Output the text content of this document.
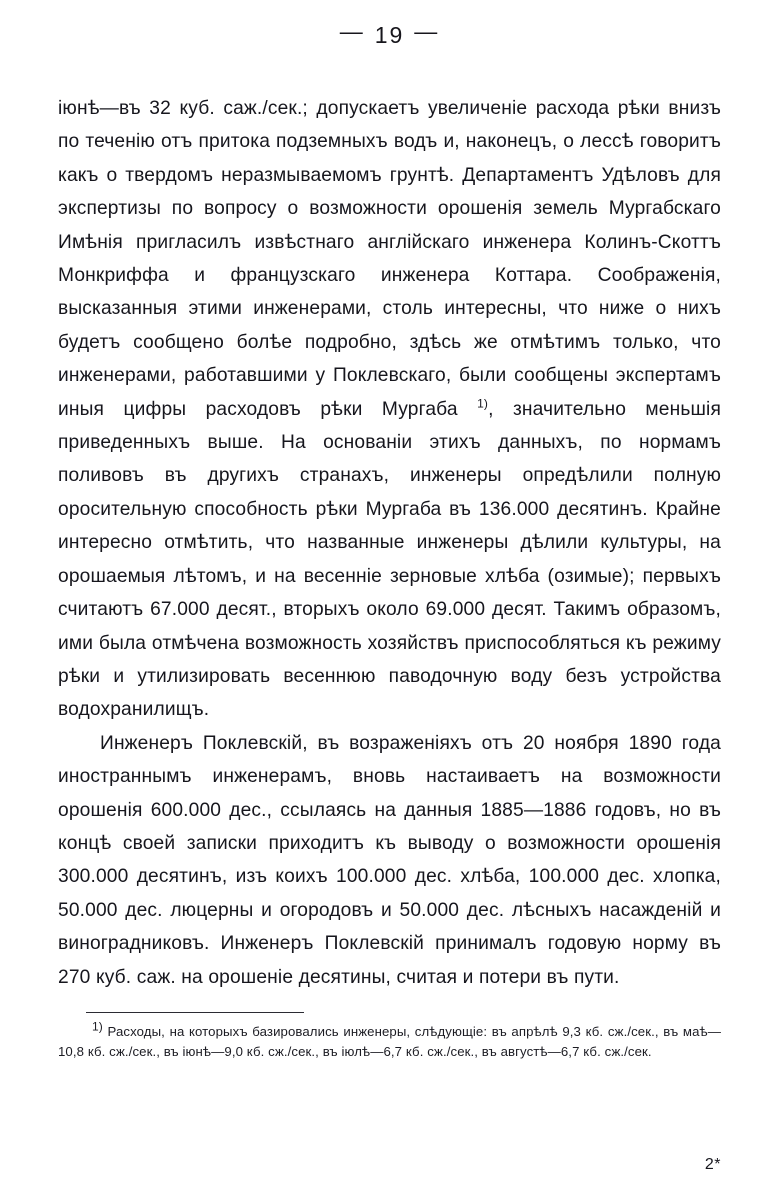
— 19 —

іюнѣ—въ 32 куб. саж./сек.; допускаетъ увеличеніе расхода рѣки внизъ по теченію отъ притока подземныхъ водъ и, наконецъ, о лессѣ говоритъ какъ о твердомъ неразмываемомъ грунтѣ. Департаментъ Удѣловъ для экспертизы по вопросу о возможности орошенія земель Мургабскаго Имѣнія пригласилъ извѣстнаго англійскаго инженера Колинъ-Скоттъ Монкриффа и французскаго инженера Коттара. Соображенія, высказанныя этими инженерами, столь интересны, что ниже о нихъ будетъ сообщено болѣе подробно, здѣсь же отмѣтимъ только, что инженерами, работавшими у Поклевскаго, были сообщены экспертамъ иныя цифры расходовъ рѣки Мургаба $^{1)}$, значительно меньшія приведенныхъ выше. На основаніи этихъ данныхъ, по нормамъ поливовъ въ другихъ странахъ, инженеры опредѣлили полную оросительную способность рѣки Мургаба въ 136.000 десятинъ. Крайне интересно отмѣтить, что названные инженеры дѣлили культуры, на орошаемыя лѣтомъ, и на весенніе зерновые хлѣба (озимые); первыхъ считаютъ 67.000 десят., вторыхъ около 69.000 десят. Такимъ образомъ, ими была отмѣчена возможность хозяйствъ приспособляться къ режиму рѣки и утилизировать весеннюю паводочную воду безъ устройства водохранилищъ.

Инженеръ Поклевскій, въ возраженіяхъ отъ 20 ноября 1890 года иностраннымъ инженерамъ, вновь настаиваетъ на возможности орошенія 600.000 дес., ссылаясь на данныя 1885—1886 годовъ, но въ концѣ своей записки приходитъ къ выводу о возможности орошенія 300.000 десятинъ, изъ коихъ 100.000 дес. хлѣба, 100.000 дес. хлопка, 50.000 дес. люцерны и огородовъ и 50.000 дес. лѣсныхъ насажденій и виноградниковъ. Инженеръ Поклевскій принималъ годовую норму въ 270 куб. саж. на орошеніе десятины, считая и потери въ пути.

$^{1)}$ Расходы, на которыхъ базировались инженеры, слѣдующіе: въ апрѣлѣ 9,3 кб. сж./сек., въ маѣ—10,8 кб. сж./сек., въ іюнѣ—9,0 кб. сж./сек., въ іюлѣ—6,7 кб. сж./сек., въ августѣ—6,7 кб. сж./сек.

2*
